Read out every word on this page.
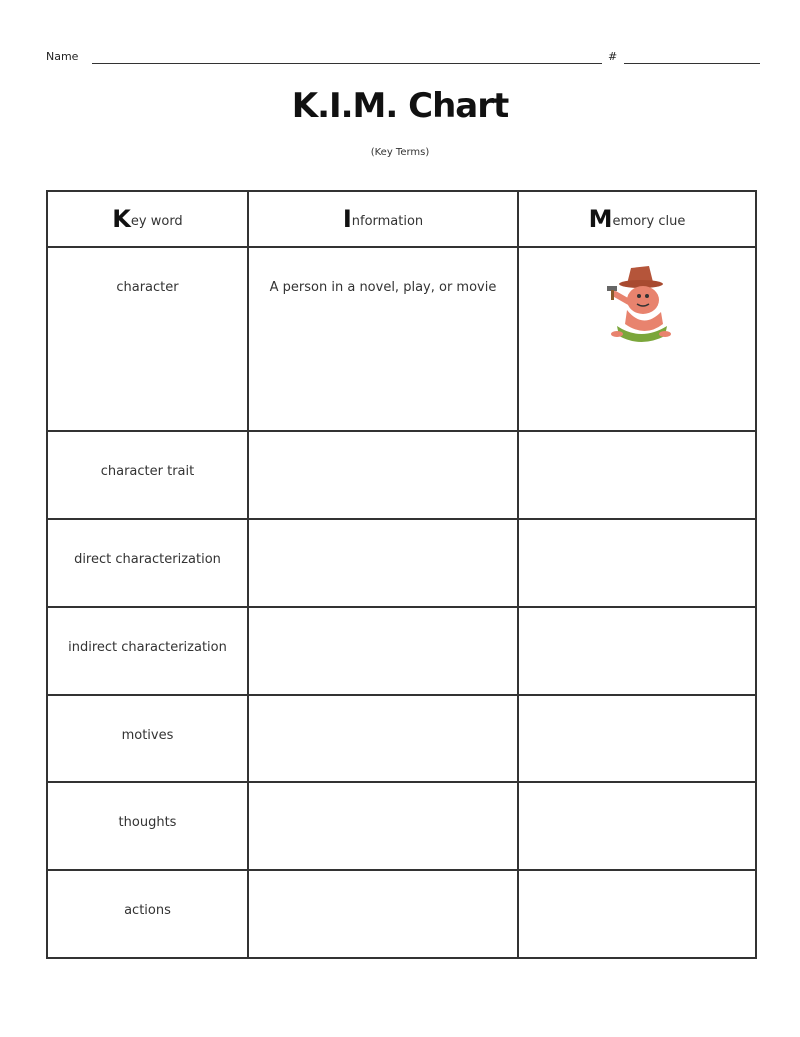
Name	#
K.I.M. Chart
(Key Terms)
Key word	Information	Memory clue
character	A person in a novel, play, or movie	
character trait		
direct characterization		
indirect characterization		
motives		
thoughts		
actions		
